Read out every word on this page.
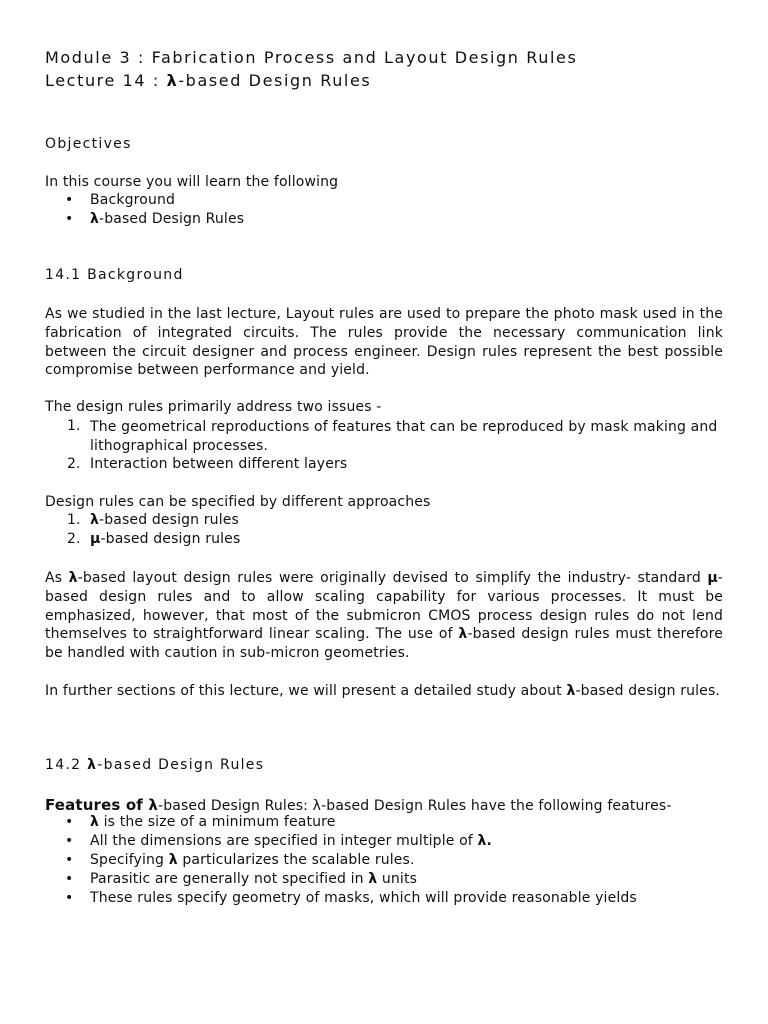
Module 3 : Fabrication Process and Layout Design Rules
Lecture 14 : λ-based Design Rules
Objectives
In this course you will learn the following
• Background
• λ-based Design Rules
14.1 Background
As we studied in the last lecture, Layout rules are used to prepare the photo mask used in the fabrication of integrated circuits. The rules provide the necessary communication link between the circuit designer and process engineer. Design rules represent the best possible compromise between performance and yield.
The design rules primarily address two issues -
1. The geometrical reproductions of features that can be reproduced by mask making and lithographical processes.
2. Interaction between different layers
Design rules can be specified by different approaches
1. λ-based design rules
2. μ-based design rules
As λ-based layout design rules were originally devised to simplify the industry- standard μ-based design rules and to allow scaling capability for various processes. It must be emphasized, however, that most of the submicron CMOS process design rules do not lend themselves to straightforward linear scaling. The use of λ-based design rules must therefore be handled with caution in sub-micron geometries.
In further sections of this lecture, we will present a detailed study about λ-based design rules.
14.2 λ-based Design Rules
Features of λ-based Design Rules: λ-based Design Rules have the following features-
• λ is the size of a minimum feature
• All the dimensions are specified in integer multiple of λ.
• Specifying λ particularizes the scalable rules.
• Parasitic are generally not specified in λ units
• These rules specify geometry of masks, which will provide reasonable yields
